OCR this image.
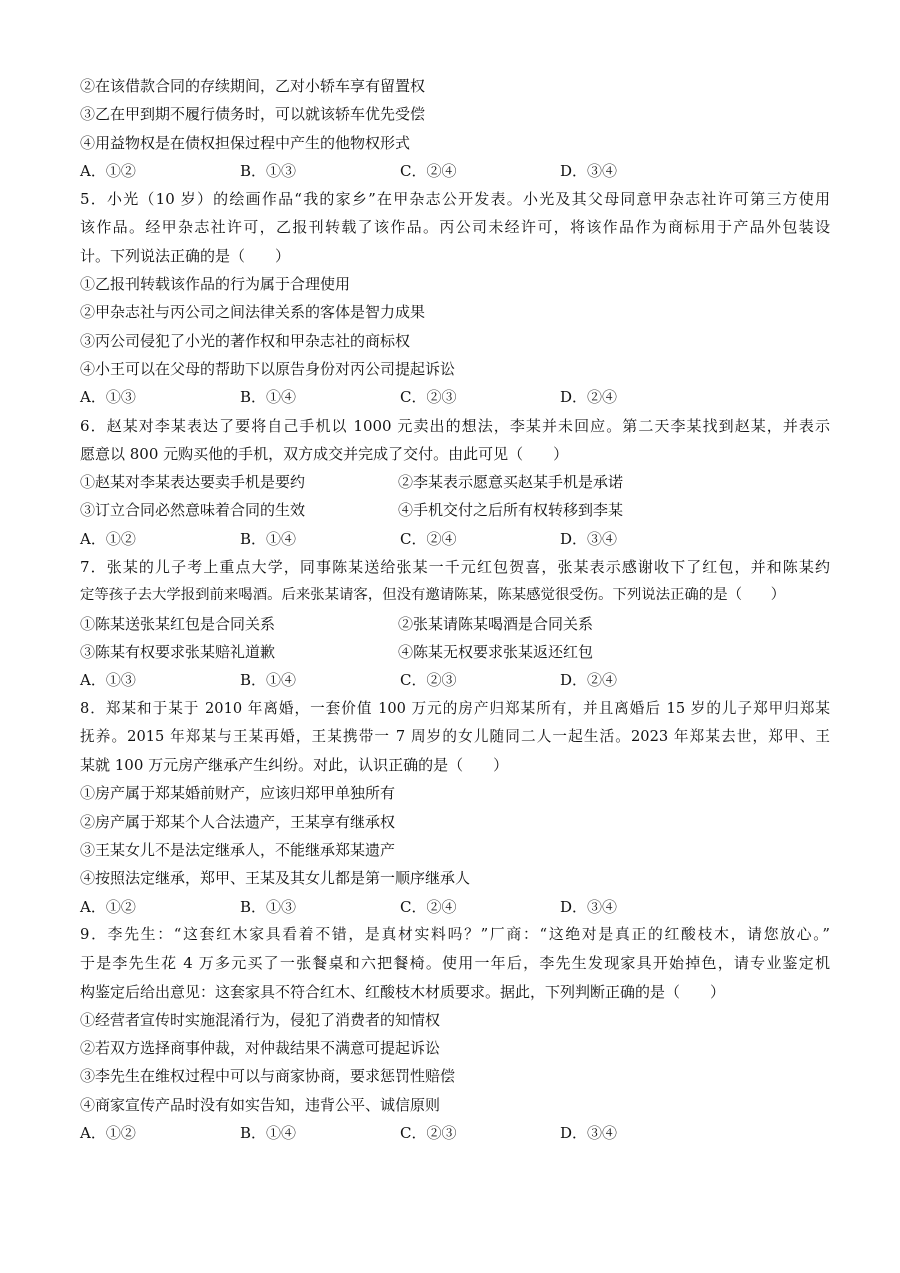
②在该借款合同的存续期间，乙对小轿车享有留置权
③乙在甲到期不履行债务时，可以就该轿车优先受偿
④用益物权是在债权担保过程中产生的他物权形式
A．①②	B．①③	C．②④	D．③④
5．小光（10 岁）的绘画作品“我的家乡”在甲杂志公开发表。小光及其父母同意甲杂志社许可第三方使用
该作品。经甲杂志社许可，乙报刊转载了该作品。丙公司未经许可，将该作品作为商标用于产品外包装设
计。下列说法正确的是（　　）
①乙报刊转载该作品的行为属于合理使用
②甲杂志社与丙公司之间法律关系的客体是智力成果
③丙公司侵犯了小光的著作权和甲杂志社的商标权
④小王可以在父母的帮助下以原告身份对丙公司提起诉讼
A．①③	B．①④	C．②③	D．②④
6．赵某对李某表达了要将自己手机以 1000 元卖出的想法，李某并未回应。第二天李某找到赵某，并表示
愿意以 800 元购买他的手机，双方成交并完成了交付。由此可见（　　）
①赵某对李某表达要卖手机是要约	②李某表示愿意买赵某手机是承诺
③订立合同必然意味着合同的生效	④手机交付之后所有权转移到李某
A．①②	B．①④	C．②④	D．③④
7．张某的儿子考上重点大学，同事陈某送给张某一千元红包贺喜，张某表示感谢收下了红包，并和陈某约
定等孩子去大学报到前来喝酒。后来张某请客，但没有邀请陈某，陈某感觉很受伤。下列说法正确的是（　　）
①陈某送张某红包是合同关系	②张某请陈某喝酒是合同关系
③陈某有权要求张某赔礼道歉	④陈某无权要求张某返还红包
A．①③	B．①④	C．②③	D．②④
8．郑某和于某于 2010 年离婚，一套价值 100 万元的房产归郑某所有，并且离婚后 15 岁的儿子郑甲归郑某
抚养。2015 年郑某与王某再婚，王某携带一 7 周岁的女儿随同二人一起生活。2023 年郑某去世，郑甲、王
某就 100 万元房产继承产生纠纷。对此，认识正确的是（　　）
①房产属于郑某婚前财产，应该归郑甲单独所有
②房产属于郑某个人合法遗产，王某享有继承权
③王某女儿不是法定继承人，不能继承郑某遗产
④按照法定继承，郑甲、王某及其女儿都是第一顺序继承人
A．①②	B．①③	C．②④	D．③④
9．李先生：“这套红木家具看着不错，是真材实料吗？”厂商：“这绝对是真正的红酸枝木，请您放心。”
于是李先生花 4 万多元买了一张餐桌和六把餐椅。使用一年后，李先生发现家具开始掉色，请专业鉴定机
构鉴定后给出意见：这套家具不符合红木、红酸枝木材质要求。据此，下列判断正确的是（　　）
①经营者宣传时实施混淆行为，侵犯了消费者的知情权
②若双方选择商事仲裁，对仲裁结果不满意可提起诉讼
③李先生在维权过程中可以与商家协商，要求惩罚性赔偿
④商家宣传产品时没有如实告知，违背公平、诚信原则
A．①②	B．①④	C．②③	D．③④
